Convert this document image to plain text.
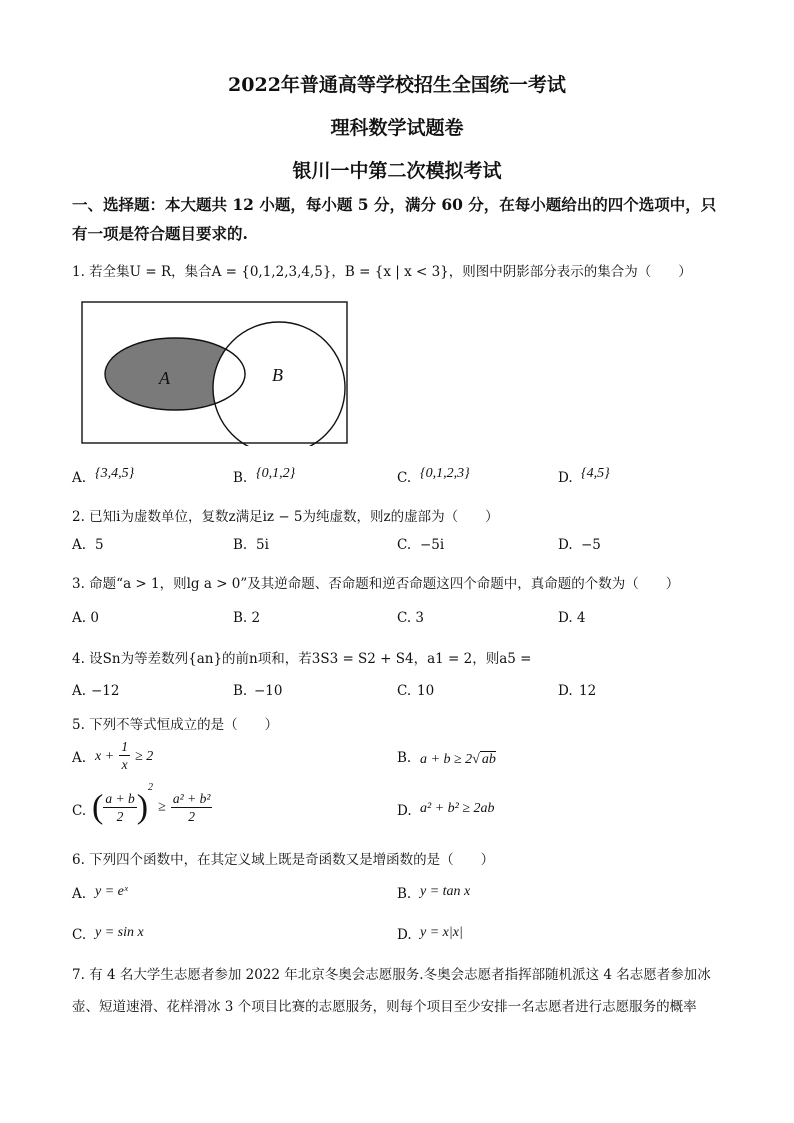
2022年普通高等学校招生全国统一考试
理科数学试题卷
银川一中第二次模拟考试
一、选择题：本大题共 12 小题，每小题 5 分，满分 60 分，在每小题给出的四个选项中，只
有一项是符合题目要求的.
1. 若全集U = R，集合A = {0,1,2,3,4,5}，B = {x | x < 3}，则图中阴影部分表示的集合为（　　）
A	B
A. {3,4,5}	B. {0,1,2}	C. {0,1,2,3}	D. {4,5}
2. 已知i为虚数单位，复数z满足iz − 5为纯虚数，则z的虚部为（　　）
A. 5	B. 5i	C. −5i	D. −5
3. 命题“a > 1，则lg a > 0”及其逆命题、否命题和逆否命题这四个命题中，真命题的个数为（　　）
A. 0	B. 2	C. 3	D. 4
4. 设Sn为等差数列{an}的前n项和，若3S3 = S2 + S4，a1 = 2，则a5 =
A. −12	B. −10	C. 10	D. 12
5. 下列不等式恒成立的是（　　）
A. $x + \frac{1}{x} \ge 2$	B. a + b ≥ 2√ ab
C. ( $\frac{a + b}{2} )^2 \ge \frac{\text{a² + b²}}{2}$	D. a² + b² ≥ 2ab
6. 下列四个函数中，在其定义域上既是奇函数又是增函数的是（　　）
A. y = eˣ	B. y = tan x
C. y = sin x	D. y = x|x|
7. 有 4 名大学生志愿者参加 2022 年北京冬奥会志愿服务.冬奥会志愿者指挥部随机派这 4 名志愿者参加冰
壶、短道速滑、花样滑冰 3 个项目比赛的志愿服务，则每个项目至少安排一名志愿者进行志愿服务的概率
